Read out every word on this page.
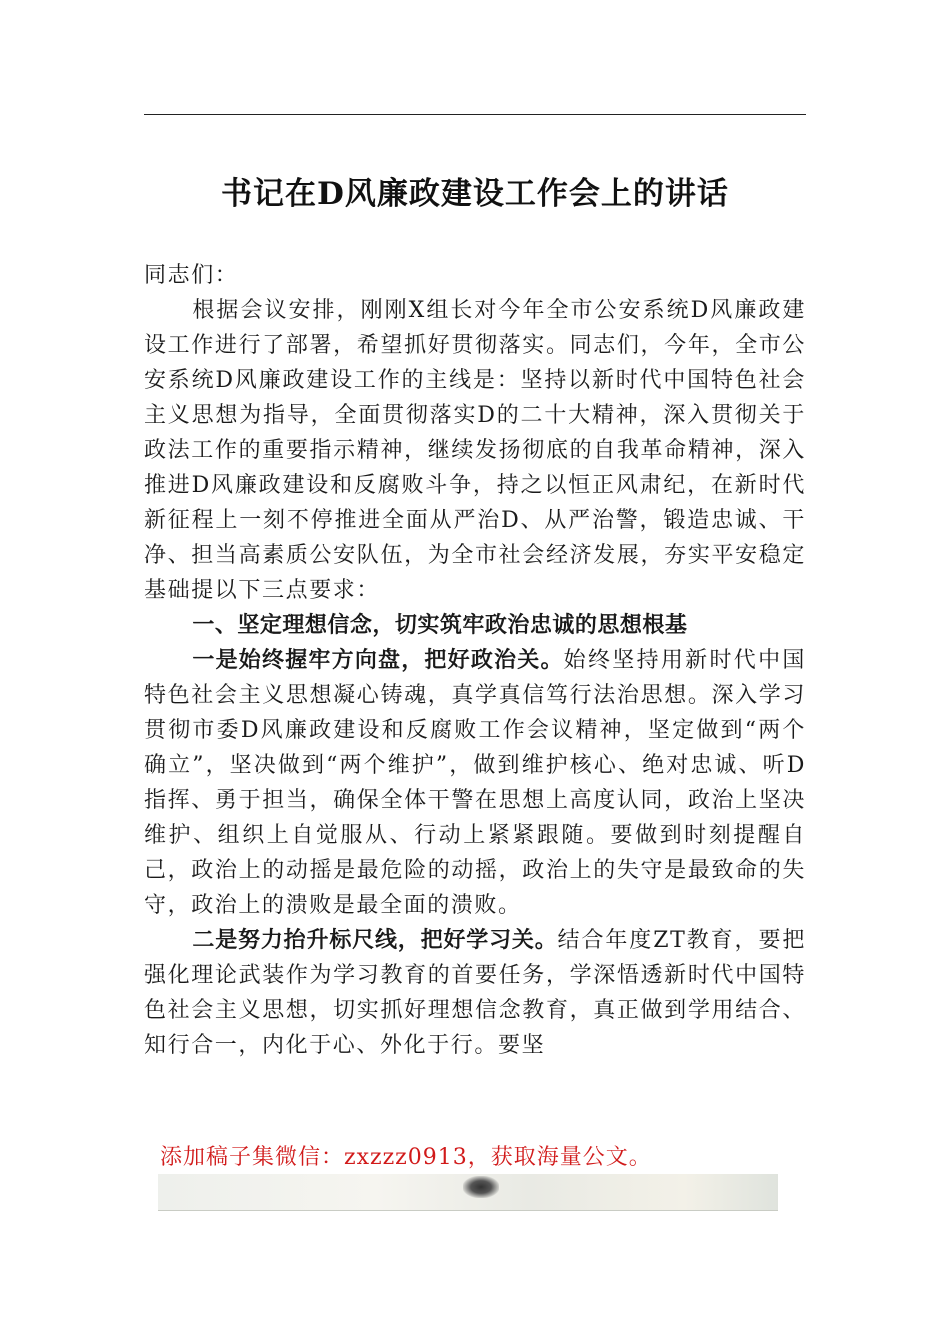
书记在D风廉政建设工作会上的讲话

同志们：

根据会议安排，刚刚X组长对今年全市公安系统D风廉政建设工作进行了部署，希望抓好贯彻落实。同志们，今年，全市公安系统D风廉政建设工作的主线是：坚持以新时代中国特色社会主义思想为指导，全面贯彻落实D的二十大精神，深入贯彻关于政法工作的重要指示精神，继续发扬彻底的自我革命精神，深入推进D风廉政建设和反腐败斗争，持之以恒正风肃纪，在新时代新征程上一刻不停推进全面从严治D、从严治警，锻造忠诚、干净、担当高素质公安队伍，为全市社会经济发展，夯实平安稳定基础提以下三点要求：

一、坚定理想信念，切实筑牢政治忠诚的思想根基

一是始终握牢方向盘，把好政治关。始终坚持用新时代中国特色社会主义思想凝心铸魂，真学真信笃行法治思想。深入学习贯彻市委D风廉政建设和反腐败工作会议精神，坚定做到“两个确立”，坚决做到“两个维护”，做到维护核心、绝对忠诚、听D指挥、勇于担当，确保全体干警在思想上高度认同，政治上坚决维护、组织上自觉服从、行动上紧紧跟随。要做到时刻提醒自己，政治上的动摇是最危险的动摇，政治上的失守是最致命的失守，政治上的溃败是最全面的溃败。

二是努力抬升标尺线，把好学习关。结合年度ZT教育，要把强化理论武装作为学习教育的首要任务，学深悟透新时代中国特色社会主义思想，切实抓好理想信念教育，真正做到学用结合、知行合一，内化于心、外化于行。要坚

添加稿子集微信：zxzzz0913，获取海量公文。
